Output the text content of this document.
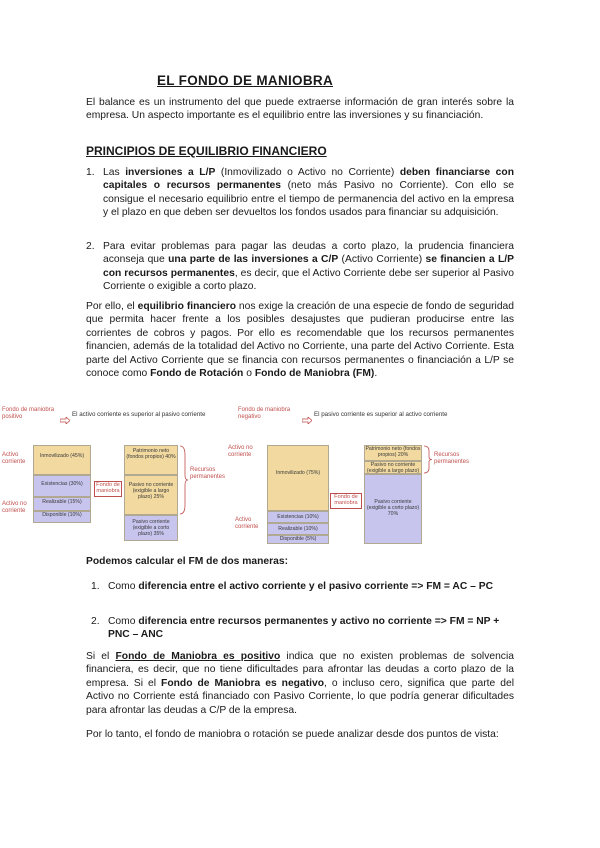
EL FONDO DE MANIOBRA
El balance es un instrumento del que puede extraerse información de gran interés sobre la empresa. Un aspecto importante es el equilibrio entre las inversiones y su financiación.
PRINCIPIOS DE EQUILIBRIO FINANCIERO
1. Las inversiones a L/P (Inmovilizado o Activo no Corriente) deben financiarse con capitales o recursos permanentes (neto más Pasivo no Corriente). Con ello se consigue el necesario equilibrio entre el tiempo de permanencia del activo en la empresa y el plazo en que deben ser devueltos los fondos usados para financiar su adquisición.
2. Para evitar problemas para pagar las deudas a corto plazo, la prudencia financiera aconseja que una parte de las inversiones a C/P (Activo Corriente) se financien a L/P con recursos permanentes, es decir, que el Activo Corriente debe ser superior al Pasivo Corriente o exigible a corto plazo.
Por ello, el equilibrio financiero nos exige la creación de una especie de fondo de seguridad que permita hacer frente a los posibles desajustes que pudieran producirse entre las corrientes de cobros y pagos. Por ello es recomendable que los recursos permanentes financien, además de la totalidad del Activo no Corriente, una parte del Activo Corriente. Esta parte del Activo Corriente que se financia con recursos permanentes o financiación a L/P se conoce como Fondo de Rotación o Fondo de Maniobra (FM).
Fondo de maniobra positivo	El activo corriente es superior al pasivo corriente
Activo corriente
Activo no corriente
Inmovilizado (45%)
Existencias (30%)
Realizable (15%)
Disponible (10%)
Fondo de maniobra
Patrimonio neto (fondos propios) 40%
Pasivo no corriente (exigible a largo plazo) 25%
Pasivo corriente (exigible a corto plazo) 35%
Recursos permanentes
Fondo de maniobra negativo	El pasivo corriente es superior al activo corriente
Activo no corriente
Activo corriente
Inmovilizado (75%)
Existencias (10%)
Realizable (10%)
Disponible (5%)
Fondo de maniobra
Patrimonio neto (fondos propios) 20%
Pasivo no corriente (exigible a largo plazo)
Pasivo corriente (exigible a corto plazo) 70%
Recursos permanentes
Podemos calcular el FM de dos maneras:
1. Como diferencia entre el activo corriente y el pasivo corriente => FM = AC – PC
2. Como diferencia entre recursos permanentes y activo no corriente => FM = NP + PNC – ANC
Si el Fondo de Maniobra es positivo indica que no existen problemas de solvencia financiera, es decir, que no tiene dificultades para afrontar las deudas a corto plazo de la empresa. Si el Fondo de Maniobra es negativo, o incluso cero, significa que parte del Activo no Corriente está financiado con Pasivo Corriente, lo que podría generar dificultades para afrontar las deudas a C/P de la empresa.
Por lo tanto, el fondo de maniobra o rotación se puede analizar desde dos puntos de vista:
